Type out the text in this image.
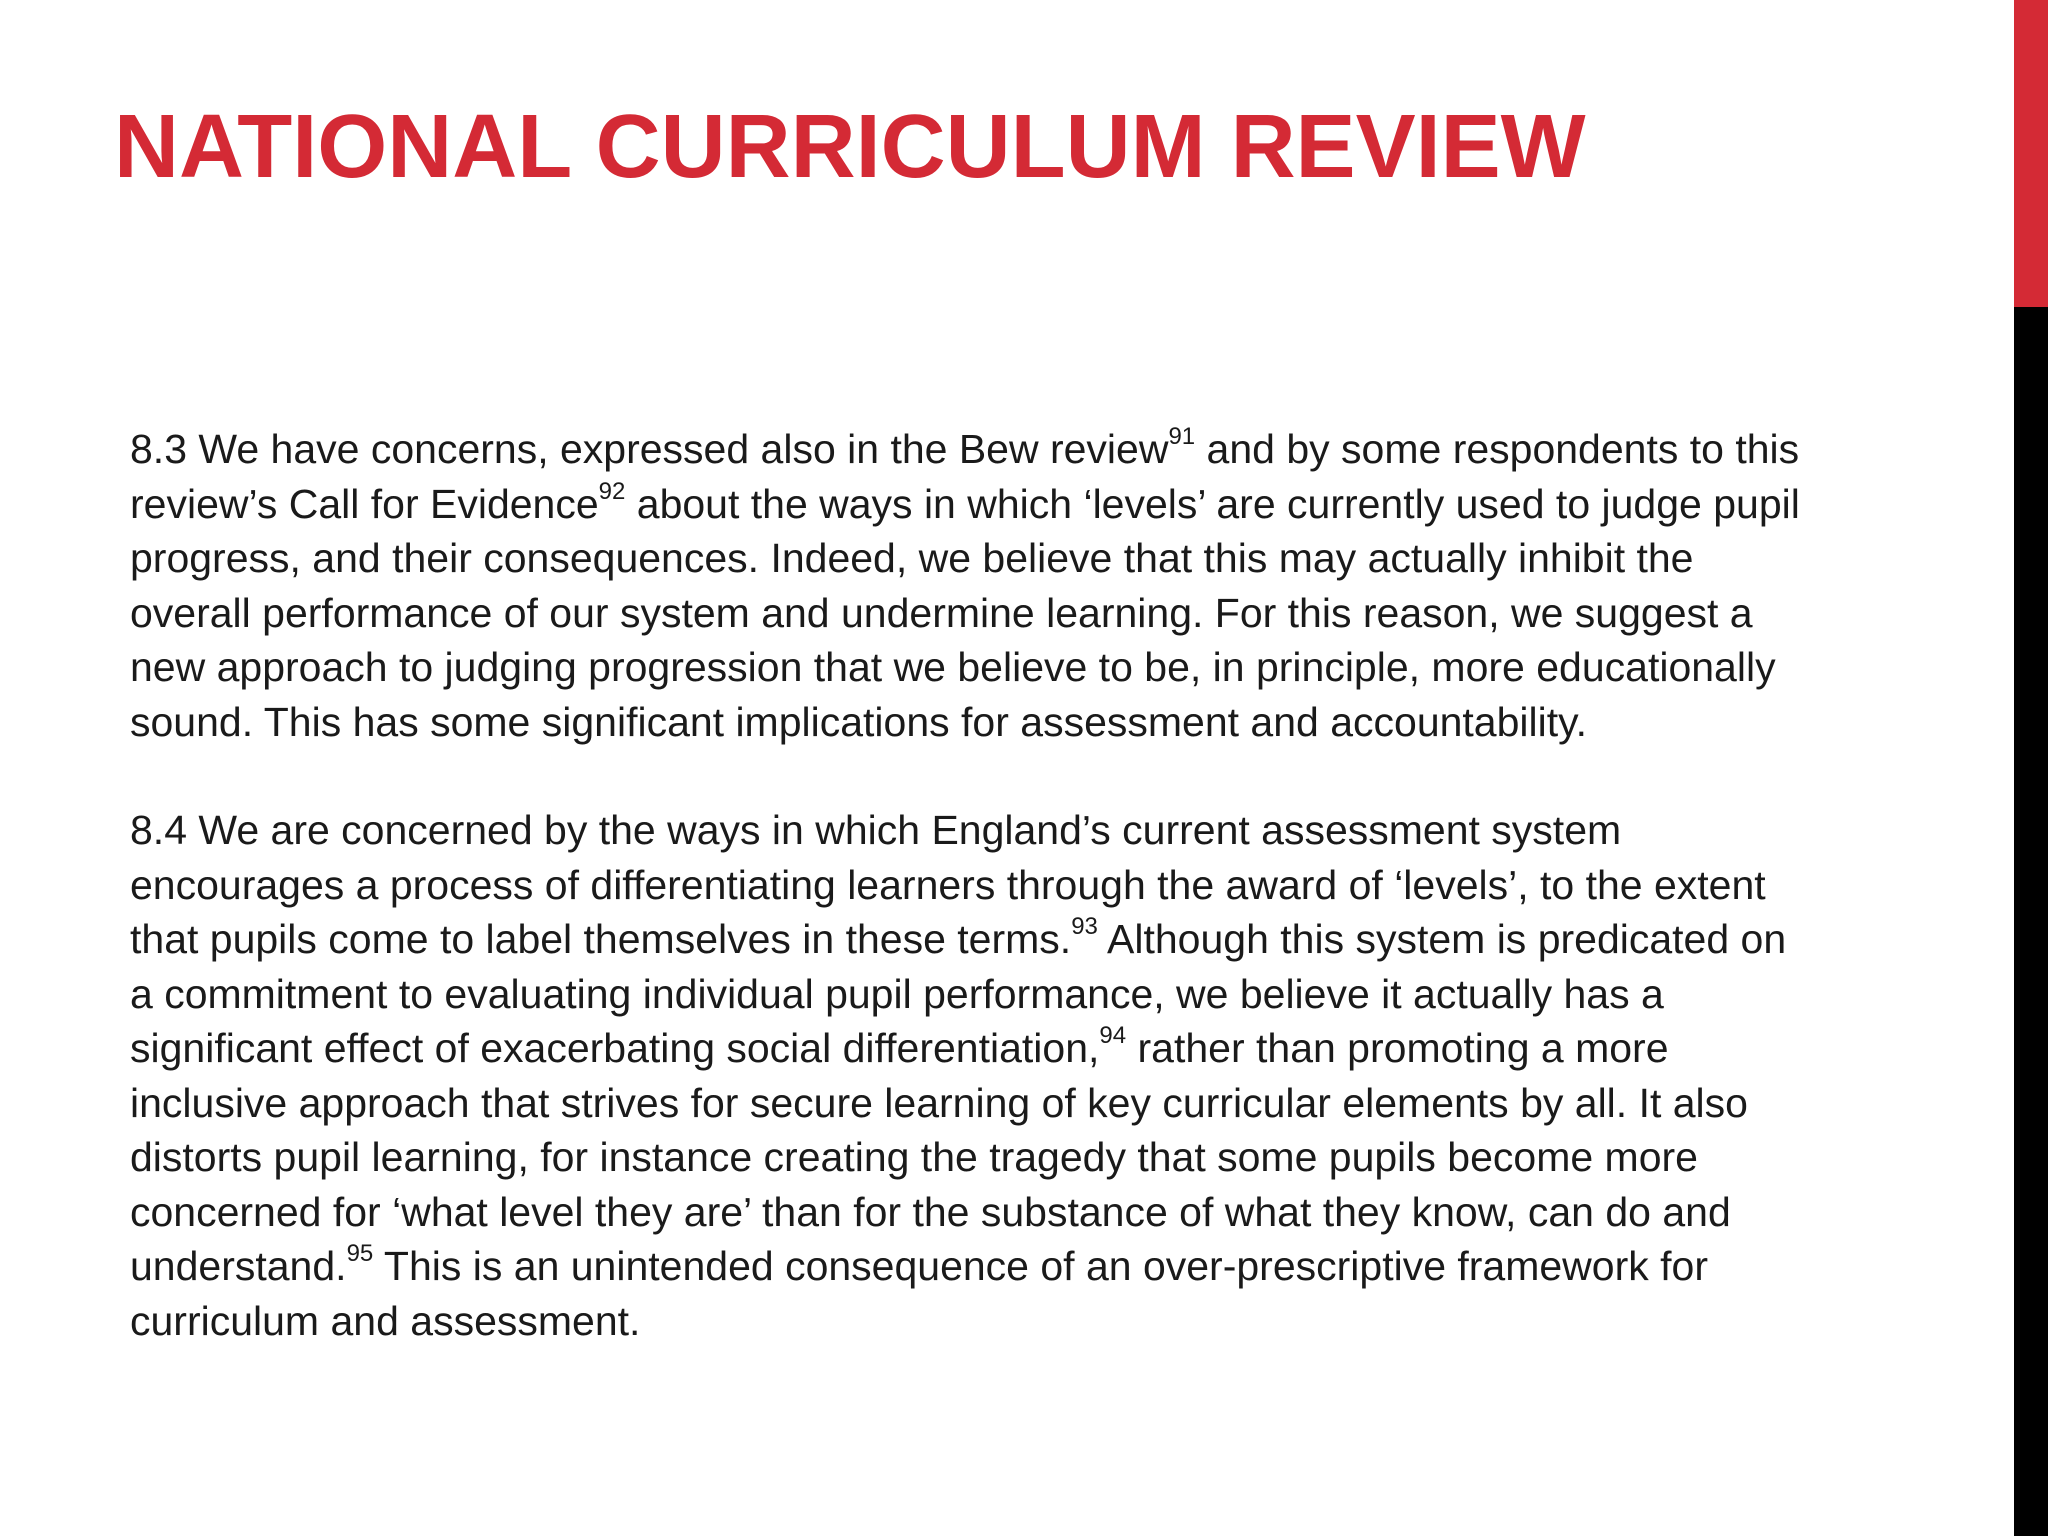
NATIONAL CURRICULUM REVIEW

8.3 We have concerns, expressed also in the Bew review$^{91}$ and by some respondents to this
review’s Call for Evidence$^{92}$ about the ways in which ‘levels’ are currently used to judge pupil
progress, and their consequences. Indeed, we believe that this may actually inhibit the
overall performance of our system and undermine learning. For this reason, we suggest a
new approach to judging progression that we believe to be, in principle, more educationally
sound. This has some significant implications for assessment and accountability.

8.4 We are concerned by the ways in which England’s current assessment system
encourages a process of differentiating learners through the award of ‘levels’, to the extent
that pupils come to label themselves in these terms.$^{93}$ Although this system is predicated on
a commitment to evaluating individual pupil performance, we believe it actually has a
significant effect of exacerbating social differentiation,$^{94}$ rather than promoting a more
inclusive approach that strives for secure learning of key curricular elements by all. It also
distorts pupil learning, for instance creating the tragedy that some pupils become more
concerned for ‘what level they are’ than for the substance of what they know, can do and
understand.$^{95}$ This is an unintended consequence of an over-prescriptive framework for
curriculum and assessment.
